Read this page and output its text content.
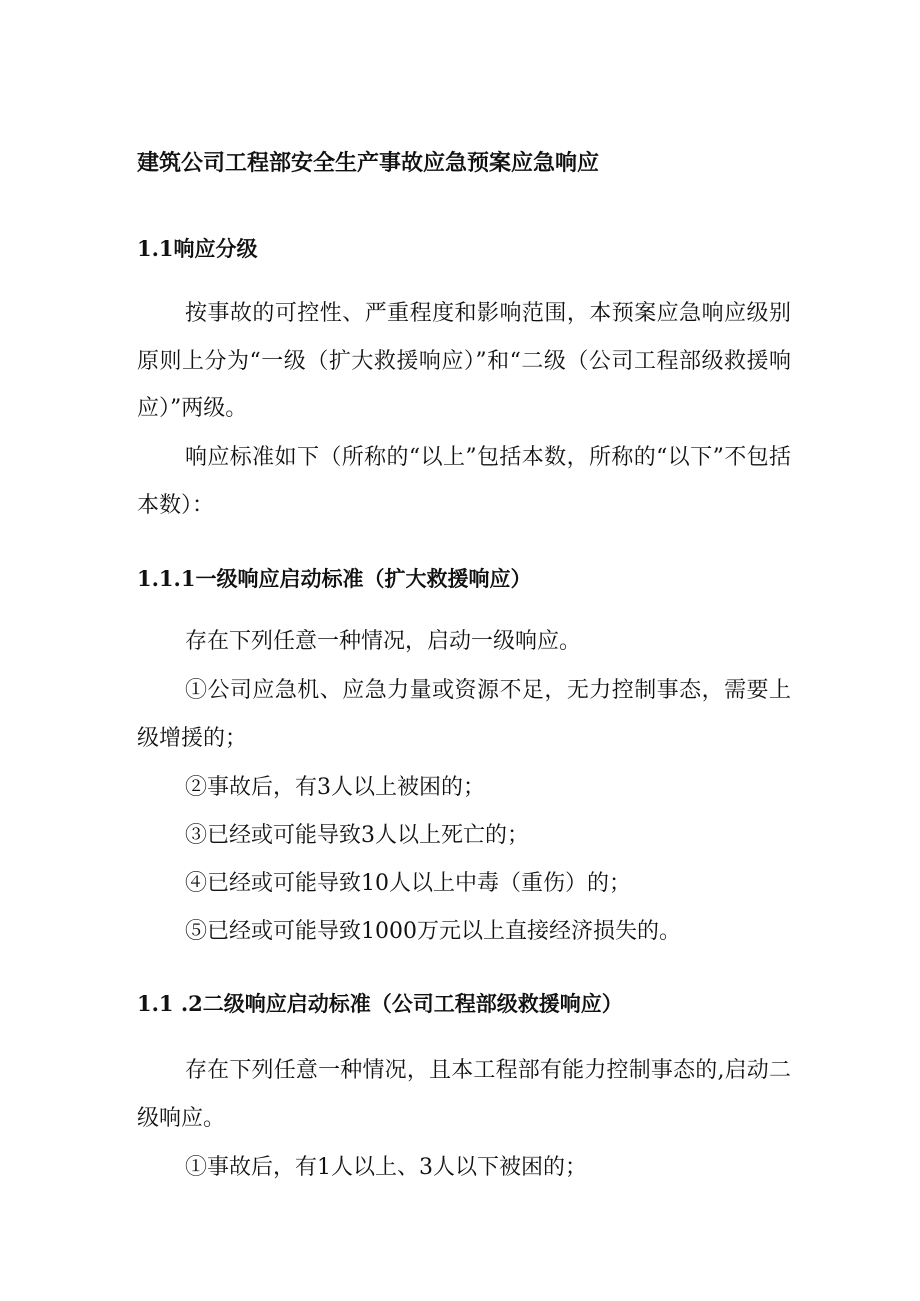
建筑公司工程部安全生产事故应急预案应急响应
1.1响应分级

按事故的可控性、严重程度和影响范围，本预案应急响应级别原则上分为“一级（扩大救援响应）”和“二级（公司工程部级救援响应）”两级。

响应标准如下（所称的“以上”包括本数，所称的“以下”不包括本数）：

1.1.1一级响应启动标准（扩大救援响应）
存在下列任意一种情况，启动一级响应。

①公司应急机、应急力量或资源不足，无力控制事态，需要上级增援的；

②事故后，有3人以上被困的；
③已经或可能导致3人以上死亡的；
④已经或可能导致10人以上中毒（重伤）的；
⑤已经或可能导致1000万元以上直接经济损失的。
1.1 .2二级响应启动标准（公司工程部级救援响应）

存在下列任意一种情况，且本工程部有能力控制事态的,启动二级响应。

①事故后，有1人以上、3人以下被困的；
